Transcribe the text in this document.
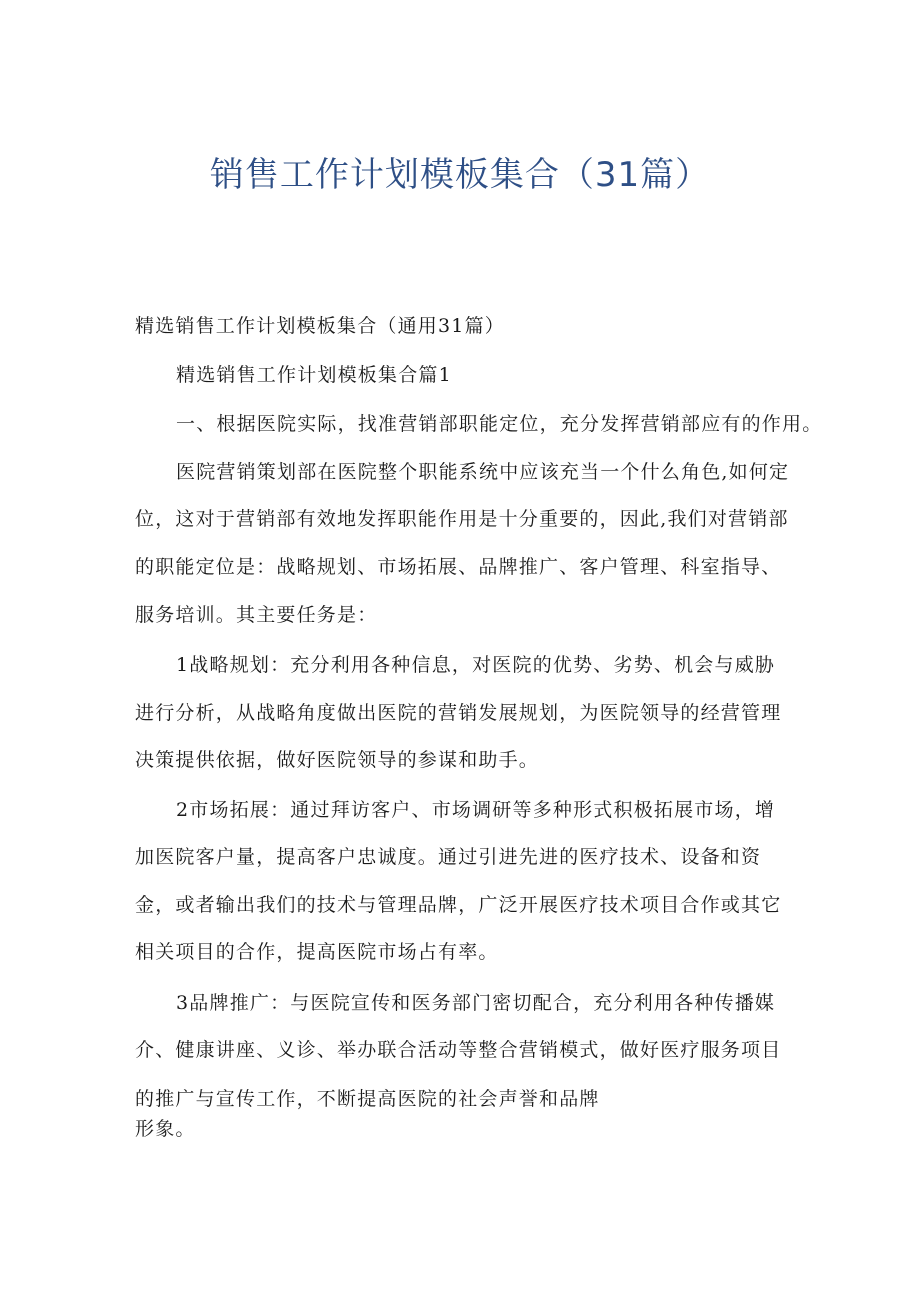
销售工作计划模板集合（31篇）
精选销售工作计划模板集合（通用31篇）
精选销售工作计划模板集合篇1
一、根据医院实际，找准营销部职能定位，充分发挥营销部应有的作用。
医院营销策划部在医院整个职能系统中应该充当一个什么角色,如何定
位，这对于营销部有效地发挥职能作用是十分重要的，因此,我们对营销部
的职能定位是：战略规划、市场拓展、品牌推广、客户管理、科室指导、
服务培训。其主要任务是：
1战略规划：充分利用各种信息，对医院的优势、劣势、机会与威胁
进行分析，从战略角度做出医院的营销发展规划，为医院领导的经营管理
决策提供依据，做好医院领导的参谋和助手。
2市场拓展：通过拜访客户、市场调研等多种形式积极拓展市场，增
加医院客户量，提高客户忠诚度。通过引进先进的医疗技术、设备和资
金，或者输出我们的技术与管理品牌，广泛开展医疗技术项目合作或其它
相关项目的合作，提高医院市场占有率。
3品牌推广：与医院宣传和医务部门密切配合，充分利用各种传播媒
介、健康讲座、义诊、举办联合活动等整合营销模式，做好医疗服务项目
的推广与宣传工作，不断提高医院的社会声誉和品牌
形象。
